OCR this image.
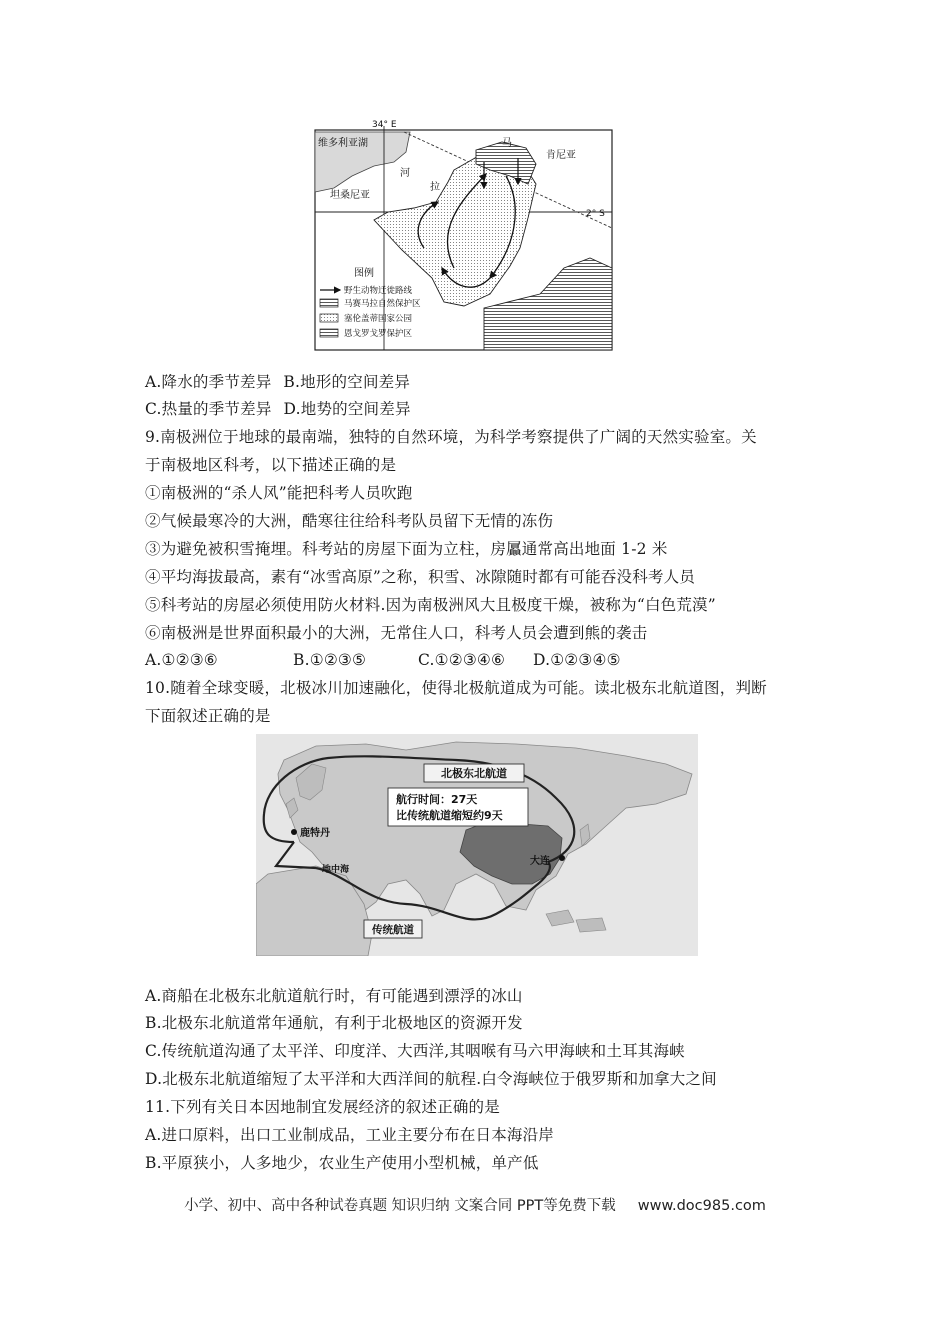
34° E
2° S
维多利亚湖	马
河
拉
肯尼亚
坦桑尼亚
图例
野生动物迁徙路线
马赛马拉自然保护区
塞伦盖蒂国家公园
恩戈罗戈罗保护区
A.降水的季节差异 B.地形的空间差异
C.热量的季节差异 D.地势的空间差异
9.南极洲位于地球的最南端，独特的自然环境，为科学考察提供了广阔的天然实验室。关
于南极地区科考，以下描述正确的是
①南极洲的“杀人风”能把科考人员吹跑
②气候最寒冷的大洲，酷寒往往给科考队员留下无情的冻伤
③为避免被积雪掩埋。科考站的房屋下面为立柱，房屭通常高出地面 1-2 米
④平均海拔最高，素有“冰雪高原”之称，积雪、冰隙随时都有可能吞没科考人员
⑤科考站的房屋必须使用防火材料.因为南极洲风大且极度干燥，被称为“白色荒漠”
⑥南极洲是世界面积最小的大洲，无常住人口，科考人员会遭到熊的袭击
A.①②③⑥	B.①②③⑤	C.①②③④⑥ D.①②③④⑤
10.随着全球变暖，北极冰川加速融化，使得北极航道成为可能。读北极东北航道图，判断
下面叙述正确的是
北极东北航道
航行时间：27天
比传统航道缩短约9天
鹿特丹
地中海
大连
传统航道
A.商船在北极东北航道航行时，有可能遇到漂浮的冰山
B.北极东北航道常年通航，有利于北极地区的资源开发
C.传统航道沟通了太平洋、印度洋、大西洋,其咽喉有马六甲海峡和土耳其海峡
D.北极东北航道缩短了太平洋和大西洋间的航程.白令海峡位于俄罗斯和加拿大之间
11.下列有关日本因地制宜发展经济的叙述正确的是
A.进口原料，出口工业制成品，工业主要分布在日本海沿岸
B.平原狭小，人多地少，农业生产使用小型机械，单产低
小学、初中、高中各种试卷真题 知识归纳 文案合同 PPT等免费下载 www.doc985.com
